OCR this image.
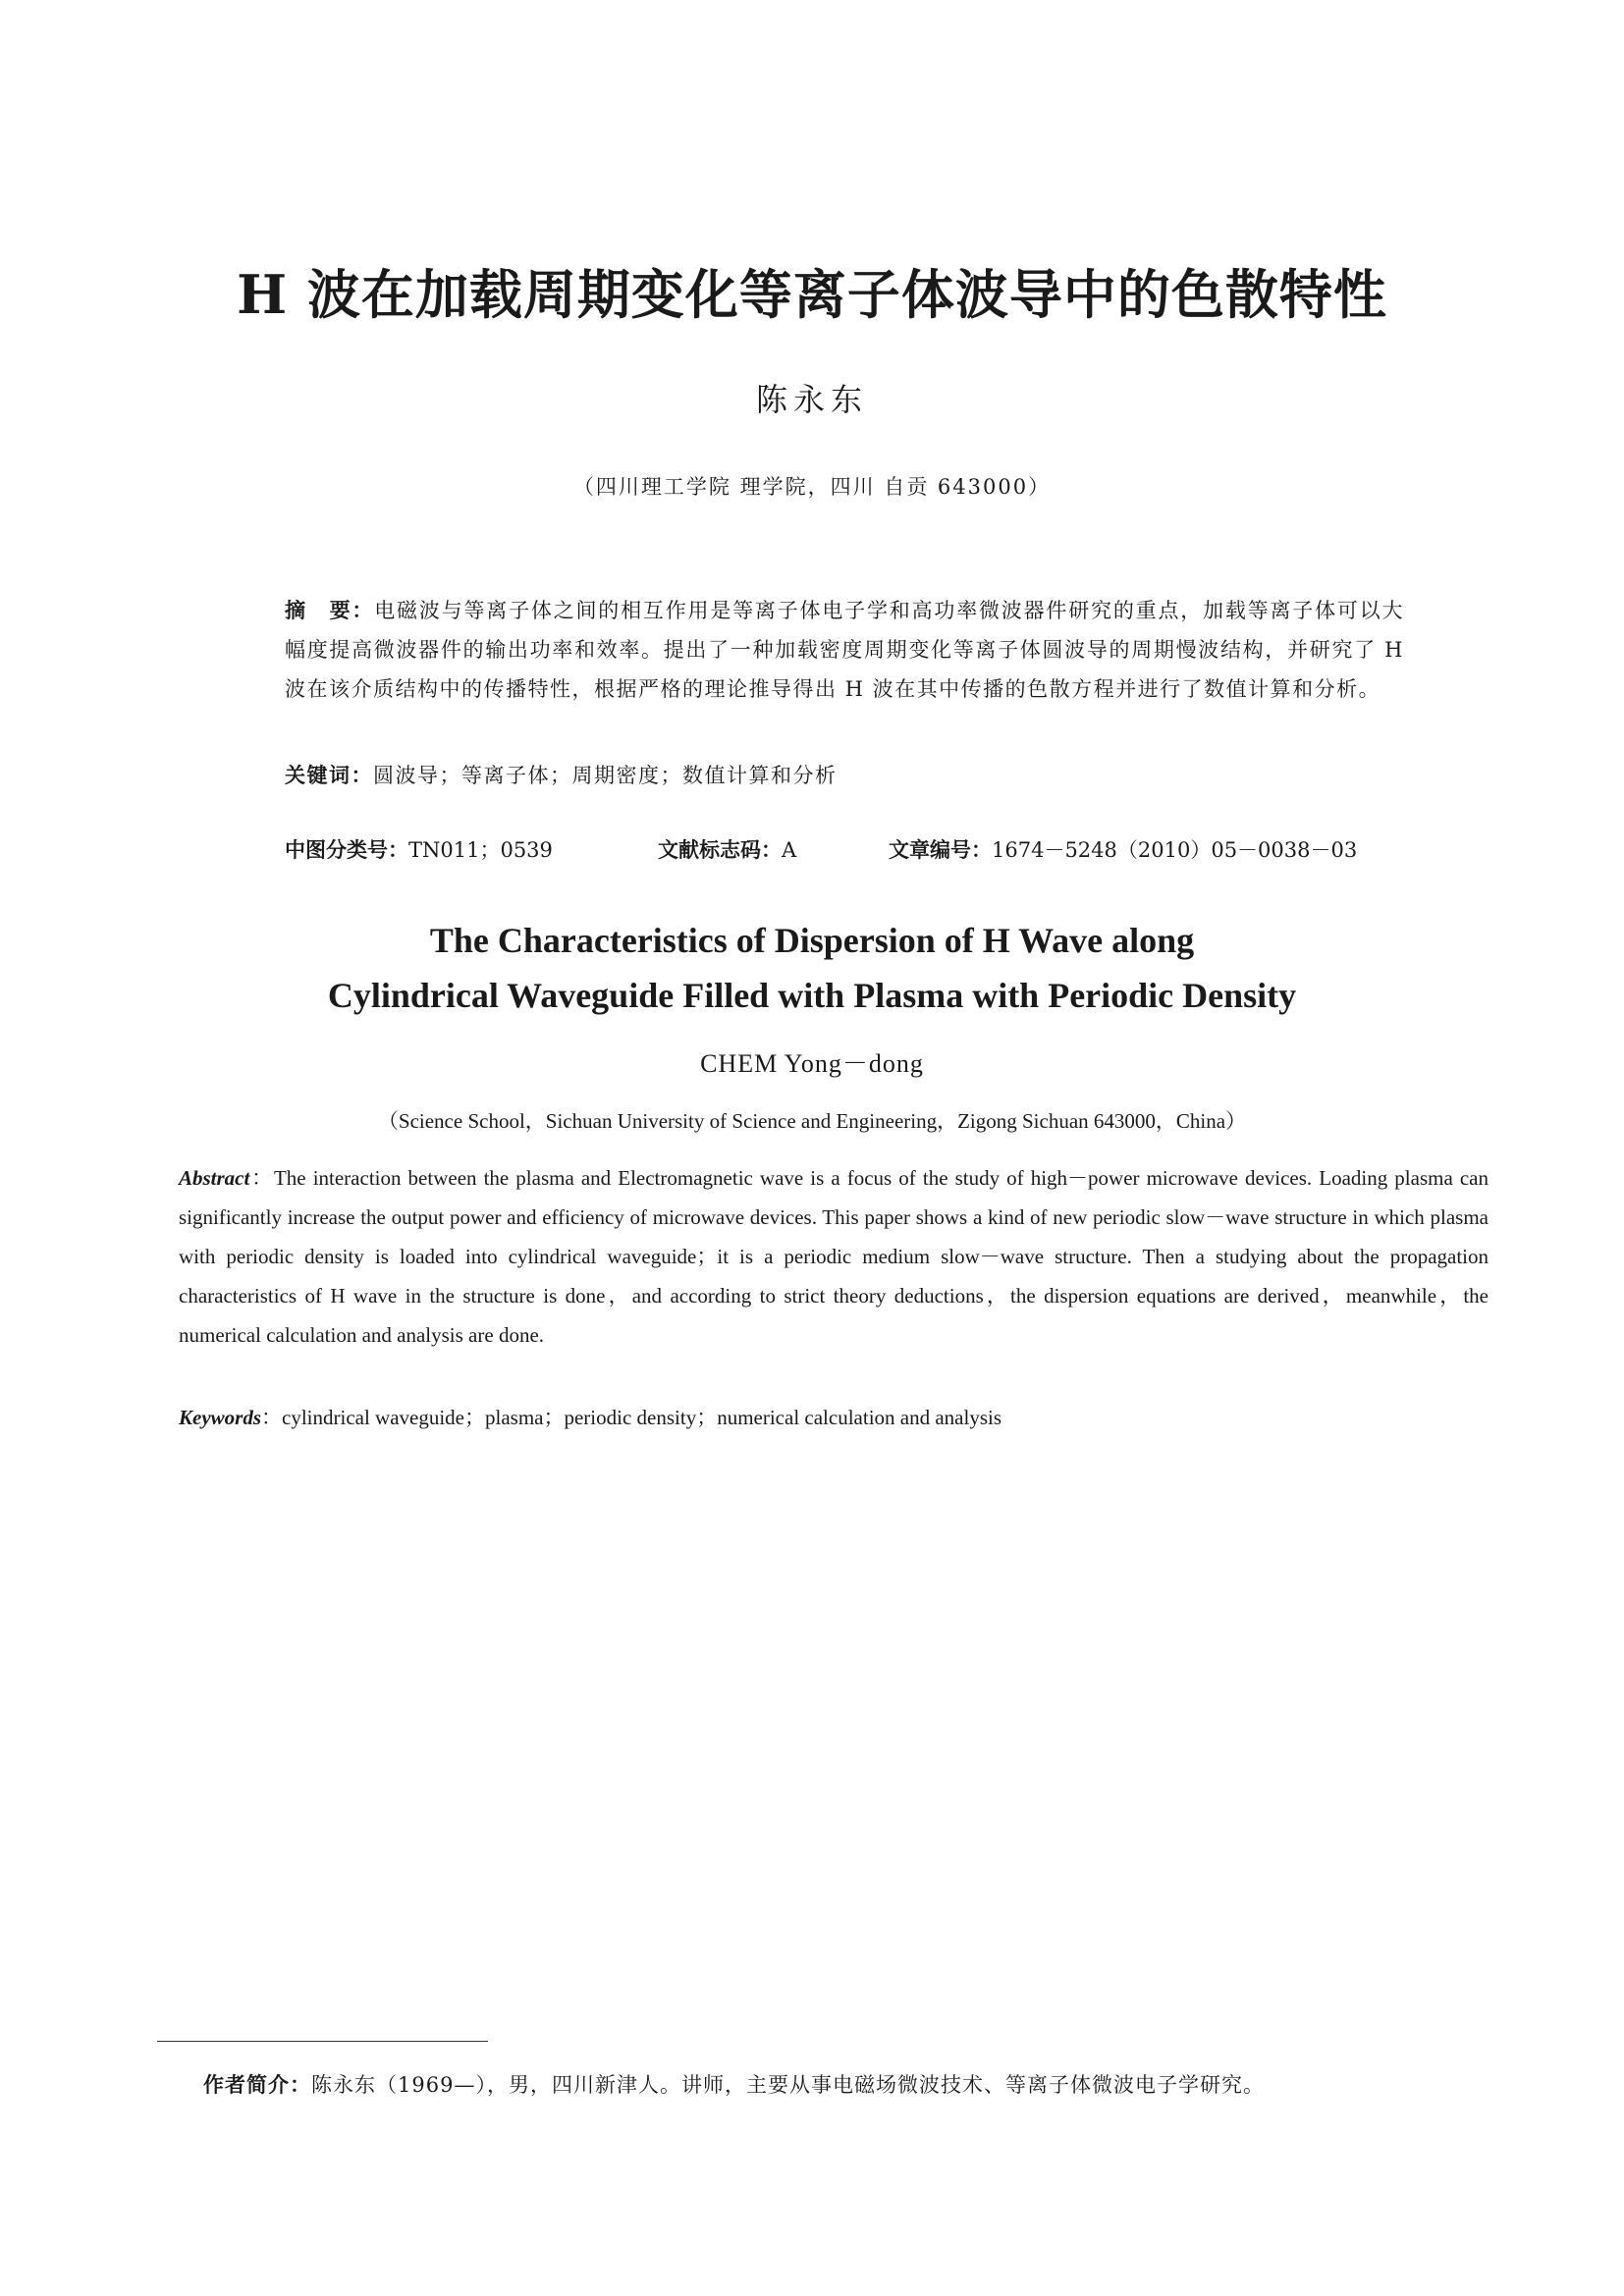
H 波在加载周期变化等离子体波导中的色散特性
陈永东
（四川理工学院 理学院，四川 自贡 643000）
摘　要：电磁波与等离子体之间的相互作用是等离子体电子学和高功率微波器件研究的重点，加载等离子体可以大幅度提高微波器件的输出功率和效率。提出了一种加载密度周期变化等离子体圆波导的周期慢波结构，并研究了 H 波在该介质结构中的传播特性，根据严格的理论推导得出 H 波在其中传播的色散方程并进行了数值计算和分析。
关键词：圆波导；等离子体；周期密度；数值计算和分析
中图分类号：TN011；0539	文献标志码：A	文章编号：1674－5248（2010）05－0038－03
The Characteristics of Dispersion of H Wave along
Cylindrical Waveguide Filled with Plasma with Periodic Density
CHEM Yong－dong
（Science School，Sichuan University of Science and Engineering，Zigong Sichuan 643000，China）
Abstract：The interaction between the plasma and Electromagnetic wave is a focus of the study of high－power microwave devices. Loading plasma can significantly increase the output power and efficiency of microwave devices. This paper shows a kind of new periodic slow－wave structure in which plasma with periodic density is loaded into cylindrical waveguide；it is a periodic medium slow－wave structure. Then a studying about the propagation characteristics of H wave in the structure is done，and according to strict theory deductions，the dispersion equations are derived，meanwhile，the numerical calculation and analysis are done.
Keywords：cylindrical waveguide；plasma；periodic density；numerical calculation and analysis
作者简介：陈永东（1969—），男，四川新津人。讲师，主要从事电磁场微波技术、等离子体微波电子学研究。
